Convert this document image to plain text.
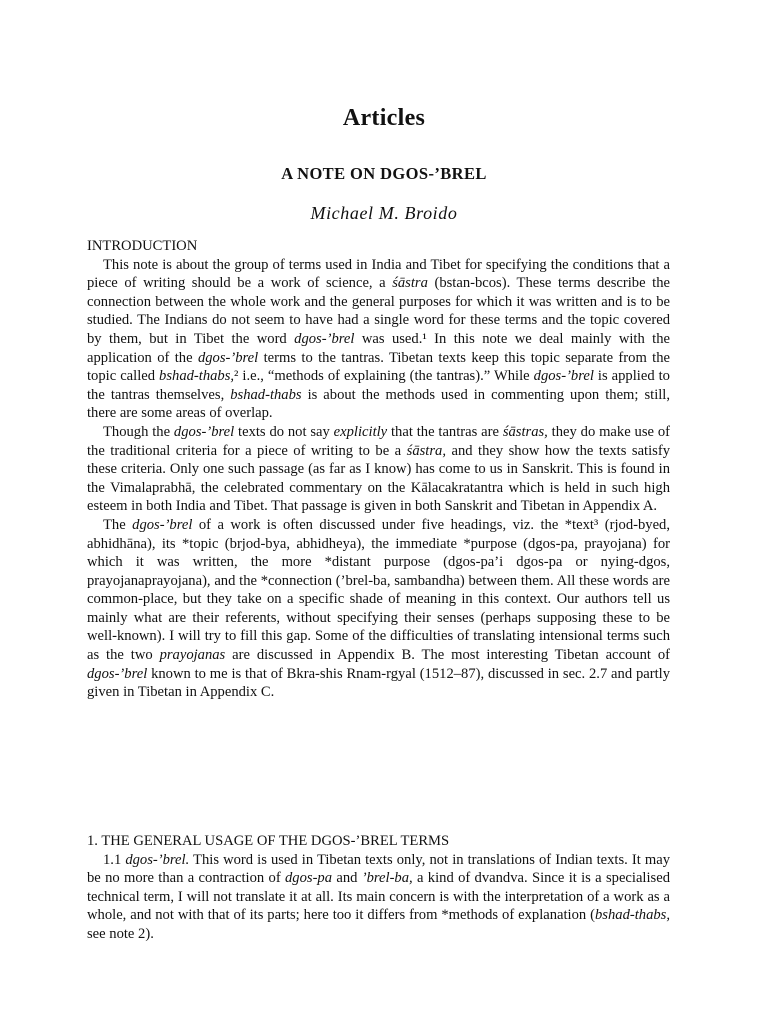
Articles
A NOTE ON DGOS-’BREL
Michael M. Broido
INTRODUCTION

This note is about the group of terms used in India and Tibet for specifying the conditions that a piece of writing should be a work of science, a śāstra (bstan-bcos). These terms describe the connection between the whole work and the general purposes for which it was written and is to be studied. The Indians do not seem to have had a single word for these terms and the topic covered by them, but in Tibet the word dgos-’brel was used.¹ In this note we deal mainly with the application of the dgos-’brel terms to the tantras. Tibetan texts keep this topic separate from the topic called bshad-thabs,² i.e., “methods of explaining (the tantras).” While dgos-’brel is applied to the tantras themselves, bshad-thabs is about the methods used in commenting upon them; still, there are some areas of overlap.

Though the dgos-’brel texts do not say explicitly that the tantras are śāstras, they do make use of the traditional criteria for a piece of writing to be a śāstra, and they show how the texts satisfy these criteria. Only one such passage (as far as I know) has come to us in Sanskrit. This is found in the Vimalaprabhā, the celebrated commentary on the Kālacakratantra which is held in such high esteem in both India and Tibet. That passage is given in both Sanskrit and Tibetan in Appendix A.

The dgos-’brel of a work is often discussed under five headings, viz. the *text³ (rjod-byed, abhidhāna), its *topic (brjod-bya, abhidheya), the immediate *purpose (dgos-pa, prayojana) for which it was written, the more *distant purpose (dgos-pa’i dgos-pa or nying-dgos, prayojanaprayojana), and the *connection (’brel-ba, sambandha) between them. All these words are common-place, but they take on a specific shade of meaning in this context. Our authors tell us mainly what are their referents, without specifying their senses (perhaps supposing these to be well-known). I will try to fill this gap. Some of the difficulties of translating intensional terms such as the two prayojanas are discussed in Appendix B. The most interesting Tibetan account of dgos-’brel known to me is that of Bkra-shis Rnam-rgyal (1512–87), discussed in sec. 2.7 and partly given in Tibetan in Appendix C.

1. THE GENERAL USAGE OF THE DGOS-’BREL TERMS

1.1 dgos-’brel. This word is used in Tibetan texts only, not in translations of Indian texts. It may be no more than a contraction of dgos-pa and ’brel-ba, a kind of dvandva. Since it is a specialised technical term, I will not translate it at all. Its main concern is with the interpretation of a work as a whole, and not with that of its parts; here too it differs from *methods of explanation (bshad-thabs, see note 2).
